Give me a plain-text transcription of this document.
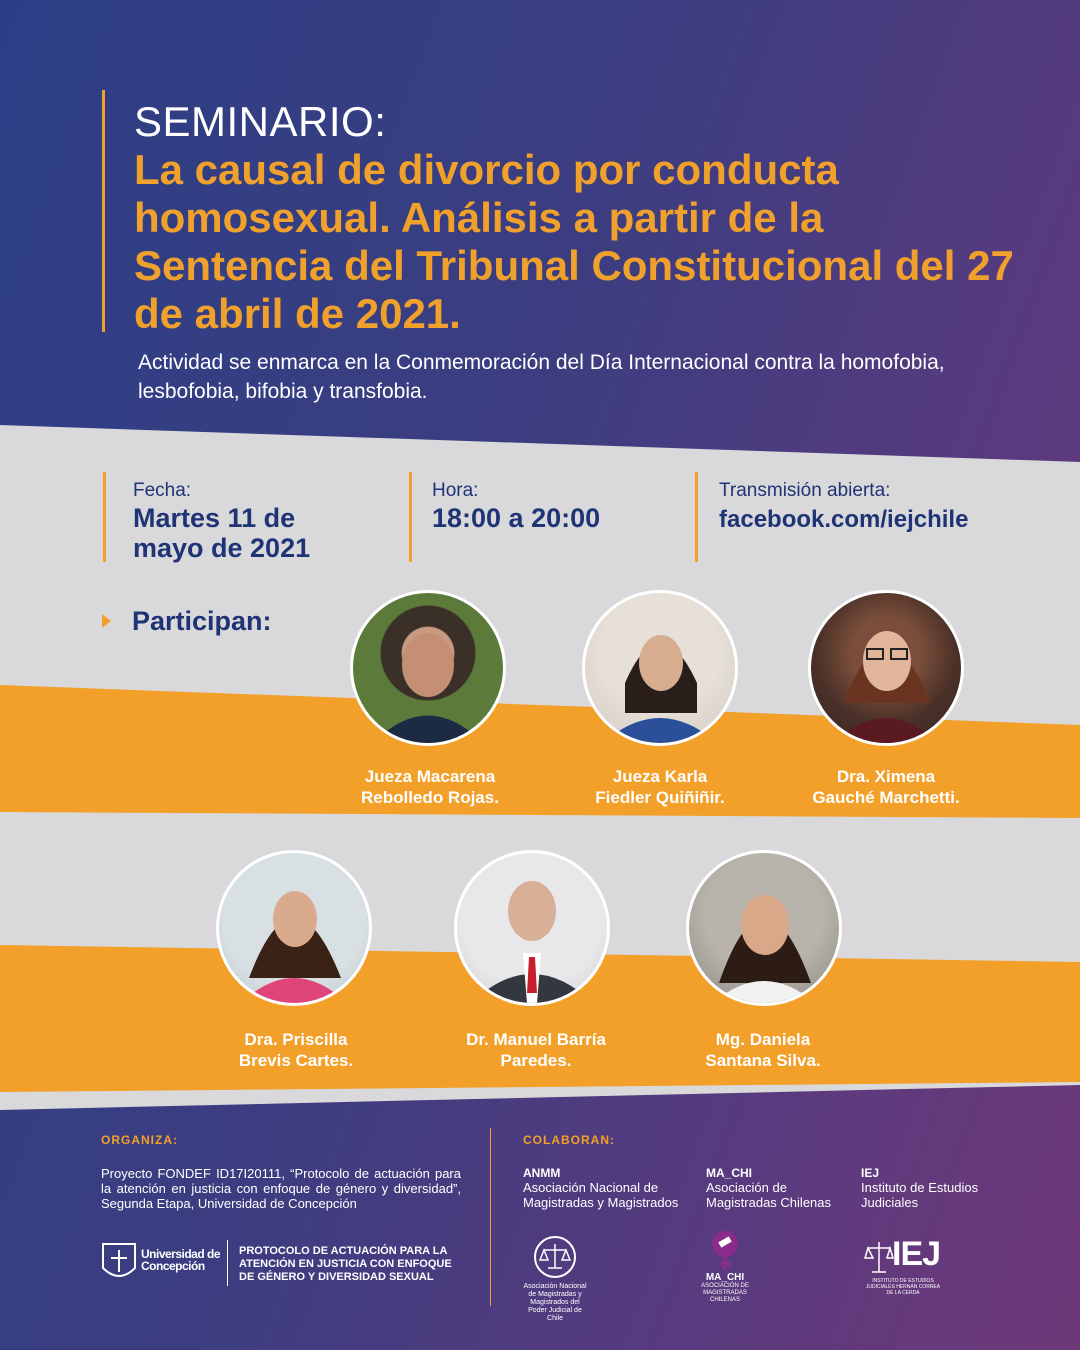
SEMINARIO:
La causal de divorcio por conducta homosexual. Análisis a partir de la Sentencia del Tribunal Constitucional del 27 de abril de 2021.
Actividad se enmarca en la Conmemoración del Día Internacional contra la homofobia, lesbofobia, bifobia y transfobia.
Fecha:
Martes 11 de mayo de 2021
Hora:
18:00 a 20:00
Transmisión abierta:
facebook.com/iejchile
Participan:
Jueza Macarena
Rebolledo Rojas.
Jueza Karla
Fiedler Quiñiñir.
Dra. Ximena
Gauché Marchetti.
Dra. Priscilla
Brevis Cartes.
Dr. Manuel Barría
Paredes.
Mg. Daniela
Santana Silva.
ORGANIZA:
Proyecto FONDEF ID17I20111, “Protocolo de actuación para la atención en justicia con enfoque de género y diversidad”, Segunda Etapa, Universidad de Concepción
Universidad de Concepción
PROTOCOLO DE ACTUACIÓN PARA LA ATENCIÓN EN JUSTICIA CON ENFOQUE DE GÉNERO Y DIVERSIDAD SEXUAL
COLABORAN:
ANMM
Asociación Nacional de Magistradas y Magistrados
MA_CHI
Asociación de Magistradas Chilenas
IEJ
Instituto de Estudios Judiciales
Asociación Nacional de Magistradas y Magistrados del Poder Judicial de Chile
MA_CHI
ASOCIACIÓN DE MAGISTRADAS CHILENAS
IEJ
INSTITUTO DE ESTUDIOS JUDICIALES HERNÁN CORREA DE LA CERDA
